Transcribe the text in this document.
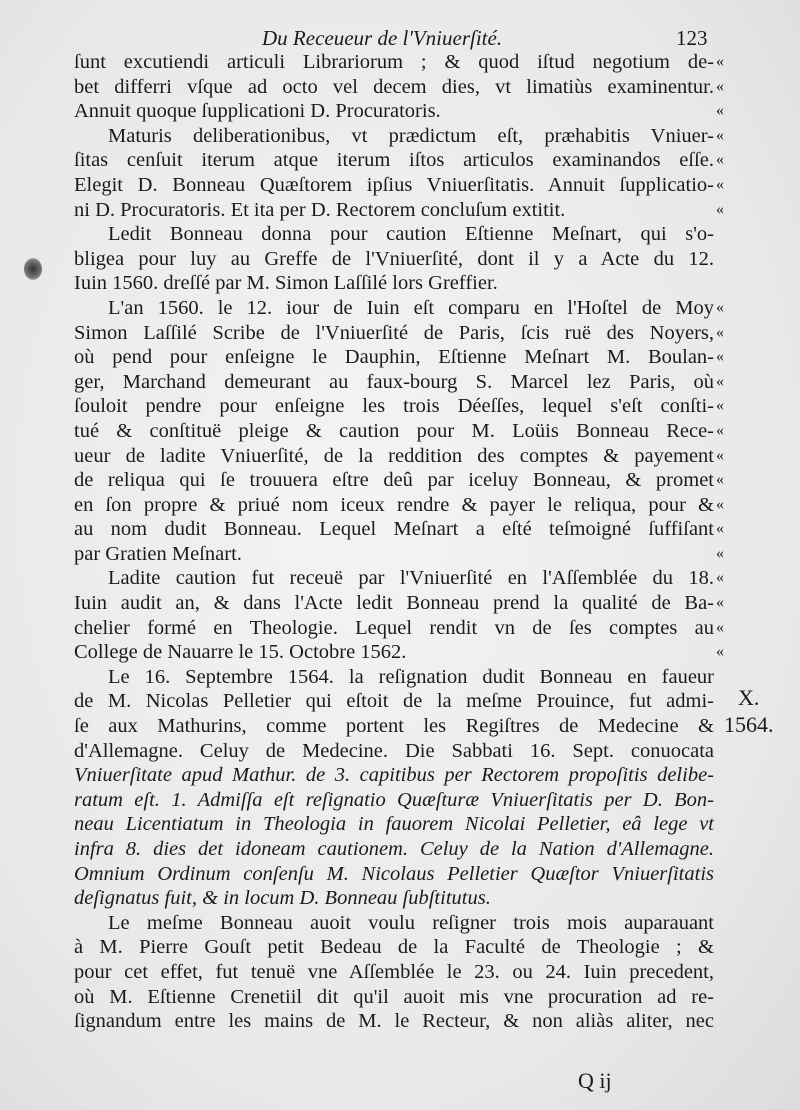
Du Receueur de l'Vniuerſité.	123
ſunt excutiendi articuli Librariorum ; & quod iſtud negotium de-
bet differri vſque ad octo vel decem dies, vt limatiùs examinentur.
Annuit quoque ſupplicationi D. Procuratoris.
Maturis deliberationibus, vt prædictum eſt, præhabitis Vniuer-
ſitas cenſuit iterum atque iterum iſtos articulos examinandos eſſe.
Elegit D. Bonneau Quæſtorem ipſius Vniuerſitatis. Annuit ſupplicatio-
ni D. Procuratoris. Et ita per D. Rectorem concluſum extitit.
Ledit Bonneau donna pour caution Eſtienne Meſnart, qui s'o-
bligea pour luy au Greffe de l'Vniuerſité, dont il y a Acte du 12.
Iuin 1560. dreſſé par M. Simon Laſſilé lors Greffier.
L'an 1560. le 12. iour de Iuin eſt comparu en l'Hoſtel de Moy
Simon Laſſilé Scribe de l'Vniuerſité de Paris, ſcis ruë des Noyers,
où pend pour enſeigne le Dauphin, Eſtienne Meſnart M. Boulan-
ger, Marchand demeurant au faux-bourg S. Marcel lez Paris, où
ſouloit pendre pour enſeigne les trois Déeſſes, lequel s'eſt conſti-
tué & conſtituë pleige & caution pour M. Loüis Bonneau Rece-
ueur de ladite Vniuerſité, de la reddition des comptes & payement
de reliqua qui ſe trouuera eſtre deû par iceluy Bonneau, & promet
en ſon propre & priué nom iceux rendre & payer le reliqua, pour &
au nom dudit Bonneau. Lequel Meſnart a eſté teſmoigné ſuffiſant
par Gratien Meſnart.
Ladite caution fut receuë par l'Vniuerſité en l'Aſſemblée du 18.
Iuin audit an, & dans l'Acte ledit Bonneau prend la qualité de Ba-
chelier formé en Theologie. Lequel rendit vn de ſes comptes au
College de Nauarre le 15. Octobre 1562.
Le 16. Septembre 1564. la reſignation dudit Bonneau en faueur
de M. Nicolas Pelletier qui eſtoit de la meſme Prouince, fut admi-
ſe aux Mathurins, comme portent les Regiſtres de Medecine &
d'Allemagne. Celuy de Medecine. Die Sabbati 16. Sept. conuocata
Vniuerſitate apud Mathur. de 3. capitibus per Rectorem propoſitis delibe-
ratum eſt. 1. Admiſſa eſt reſignatio Quæſturæ Vniuerſitatis per D. Bon-
neau Licentiatum in Theologia in fauorem Nicolai Pelletier, eâ lege vt
infra 8. dies det idoneam cautionem. Celuy de la Nation d'Allemagne.
Omnium Ordinum conſenſu M. Nicolaus Pelletier Quæſtor Vniuerſitatis
deſignatus fuit, & in locum D. Bonneau ſubſtitutus.
Le meſme Bonneau auoit voulu reſigner trois mois auparauant
à M. Pierre Gouſt petit Bedeau de la Faculté de Theologie ; &
pour cet effet, fut tenuë vne Aſſemblée le 23. ou 24. Iuin precedent,
où M. Eſtienne Crenetiil dit qu'il auoit mis vne procuration ad re-
ſignandum entre les mains de M. le Recteur, & non aliàs aliter, nec
«
«
«
«
«
«
«
«
«
«
«
«
«
«
«
«
«
«
«
«
«
«
X.
1564.
Q ij
